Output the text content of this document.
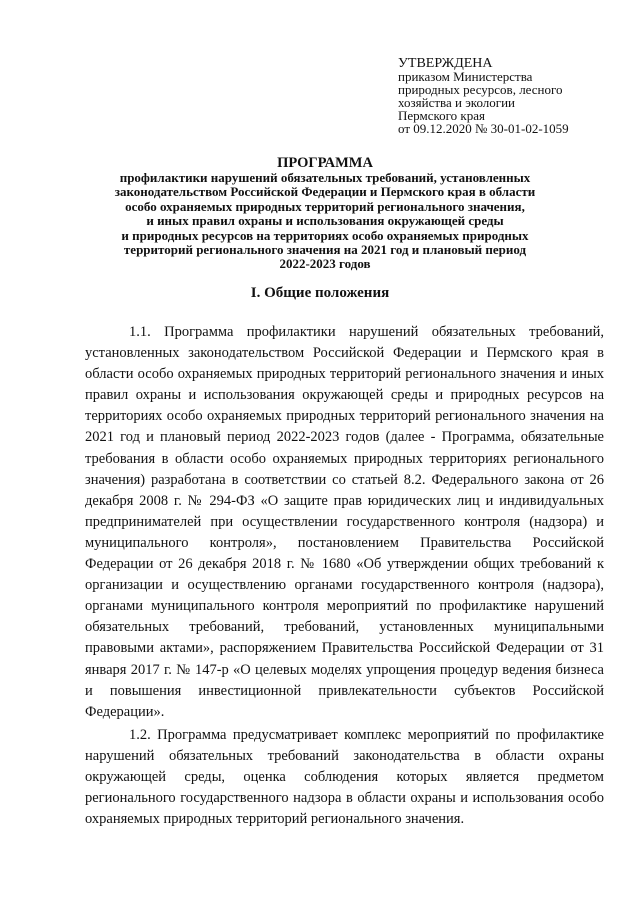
УТВЕРЖДЕНА
приказом Министерства
природных ресурсов, лесного
хозяйства и экологии
Пермского края
от 09.12.2020 № 30-01-02-1059
ПРОГРАММА
профилактики нарушений обязательных требований, установленных
законодательством Российской Федерации и Пермского края в области
особо охраняемых природных территорий регионального значения,
и иных правил охраны и использования окружающей среды
и природных ресурсов на территориях особо охраняемых природных
территорий регионального значения на 2021 год и плановый период
2022-2023 годов
I. Общие положения

1.1. Программа профилактики нарушений обязательных требований, установленных законодательством Российской Федерации и Пермского края в области особо охраняемых природных территорий регионального значения и иных правил охраны и использования окружающей среды и природных ресурсов на территориях особо охраняемых природных территорий регионального значения на 2021 год и плановый период 2022-2023 годов (далее - Программа, обязательные требования в области особо охраняемых природных территориях регионального значения) разработана в соответствии со статьей 8.2. Федерального закона от 26 декабря 2008 г. № 294-ФЗ «О защите прав юридических лиц и индивидуальных предпринимателей при осуществлении государственного контроля (надзора) и муниципального контроля», постановлением Правительства Российской Федерации от 26 декабря 2018 г. № 1680 «Об утверждении общих требований к организации и осуществлению органами государственного контроля (надзора), органами муниципального контроля мероприятий по профилактике нарушений обязательных требований, требований, установленных муниципальными правовыми актами», распоряжением Правительства Российской Федерации от 31 января 2017 г. № 147-р «О целевых моделях упрощения процедур ведения бизнеса и повышения инвестиционной привлекательности субъектов Российской Федерации».

1.2. Программа предусматривает комплекс мероприятий по профилактике нарушений обязательных требований законодательства в области охраны окружающей среды, оценка соблюдения которых является предметом регионального государственного надзора в области охраны и использования особо охраняемых природных территорий регионального значения.
